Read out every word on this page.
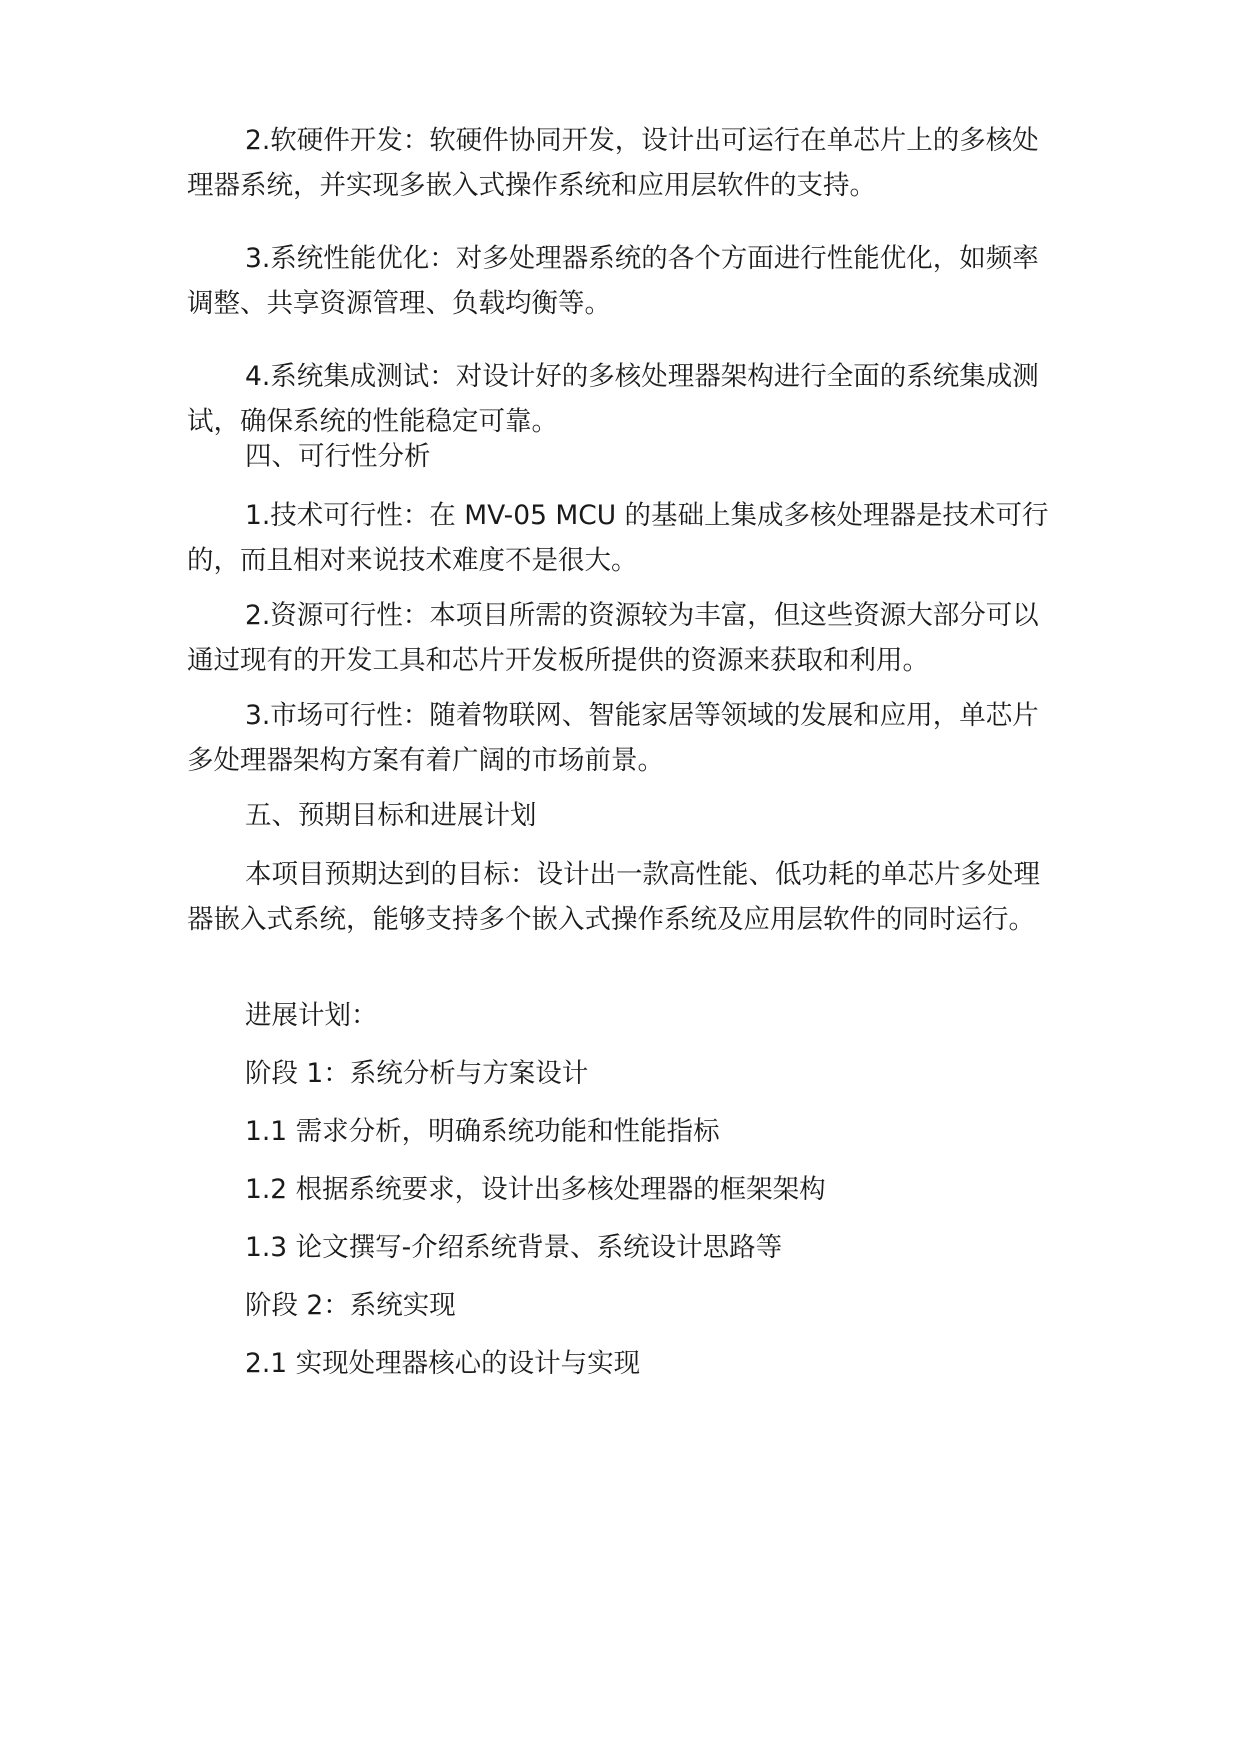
2.软硬件开发：软硬件协同开发，设计出可运行在单芯片上的多核处理器系统，并实现多嵌入式操作系统和应用层软件的支持。

3.系统性能优化：对多处理器系统的各个方面进行性能优化，如频率调整、共享资源管理、负载均衡等。

4.系统集成测试：对设计好的多核处理器架构进行全面的系统集成测试，确保系统的性能稳定可靠。

四、可行性分析

1.技术可行性：在 MV-05 MCU 的基础上集成多核处理器是技术可行的，而且相对来说技术难度不是很大。

2.资源可行性：本项目所需的资源较为丰富，但这些资源大部分可以通过现有的开发工具和芯片开发板所提供的资源来获取和利用。

3.市场可行性：随着物联网、智能家居等领域的发展和应用，单芯片多处理器架构方案有着广阔的市场前景。

五、预期目标和进展计划

本项目预期达到的目标：设计出一款高性能、低功耗的单芯片多处理器嵌入式系统，能够支持多个嵌入式操作系统及应用层软件的同时运行。

进展计划：

阶段 1：系统分析与方案设计

1.1 需求分析，明确系统功能和性能指标

1.2 根据系统要求，设计出多核处理器的框架架构

1.3 论文撰写-介绍系统背景、系统设计思路等

阶段 2：系统实现

2.1 实现处理器核心的设计与实现
